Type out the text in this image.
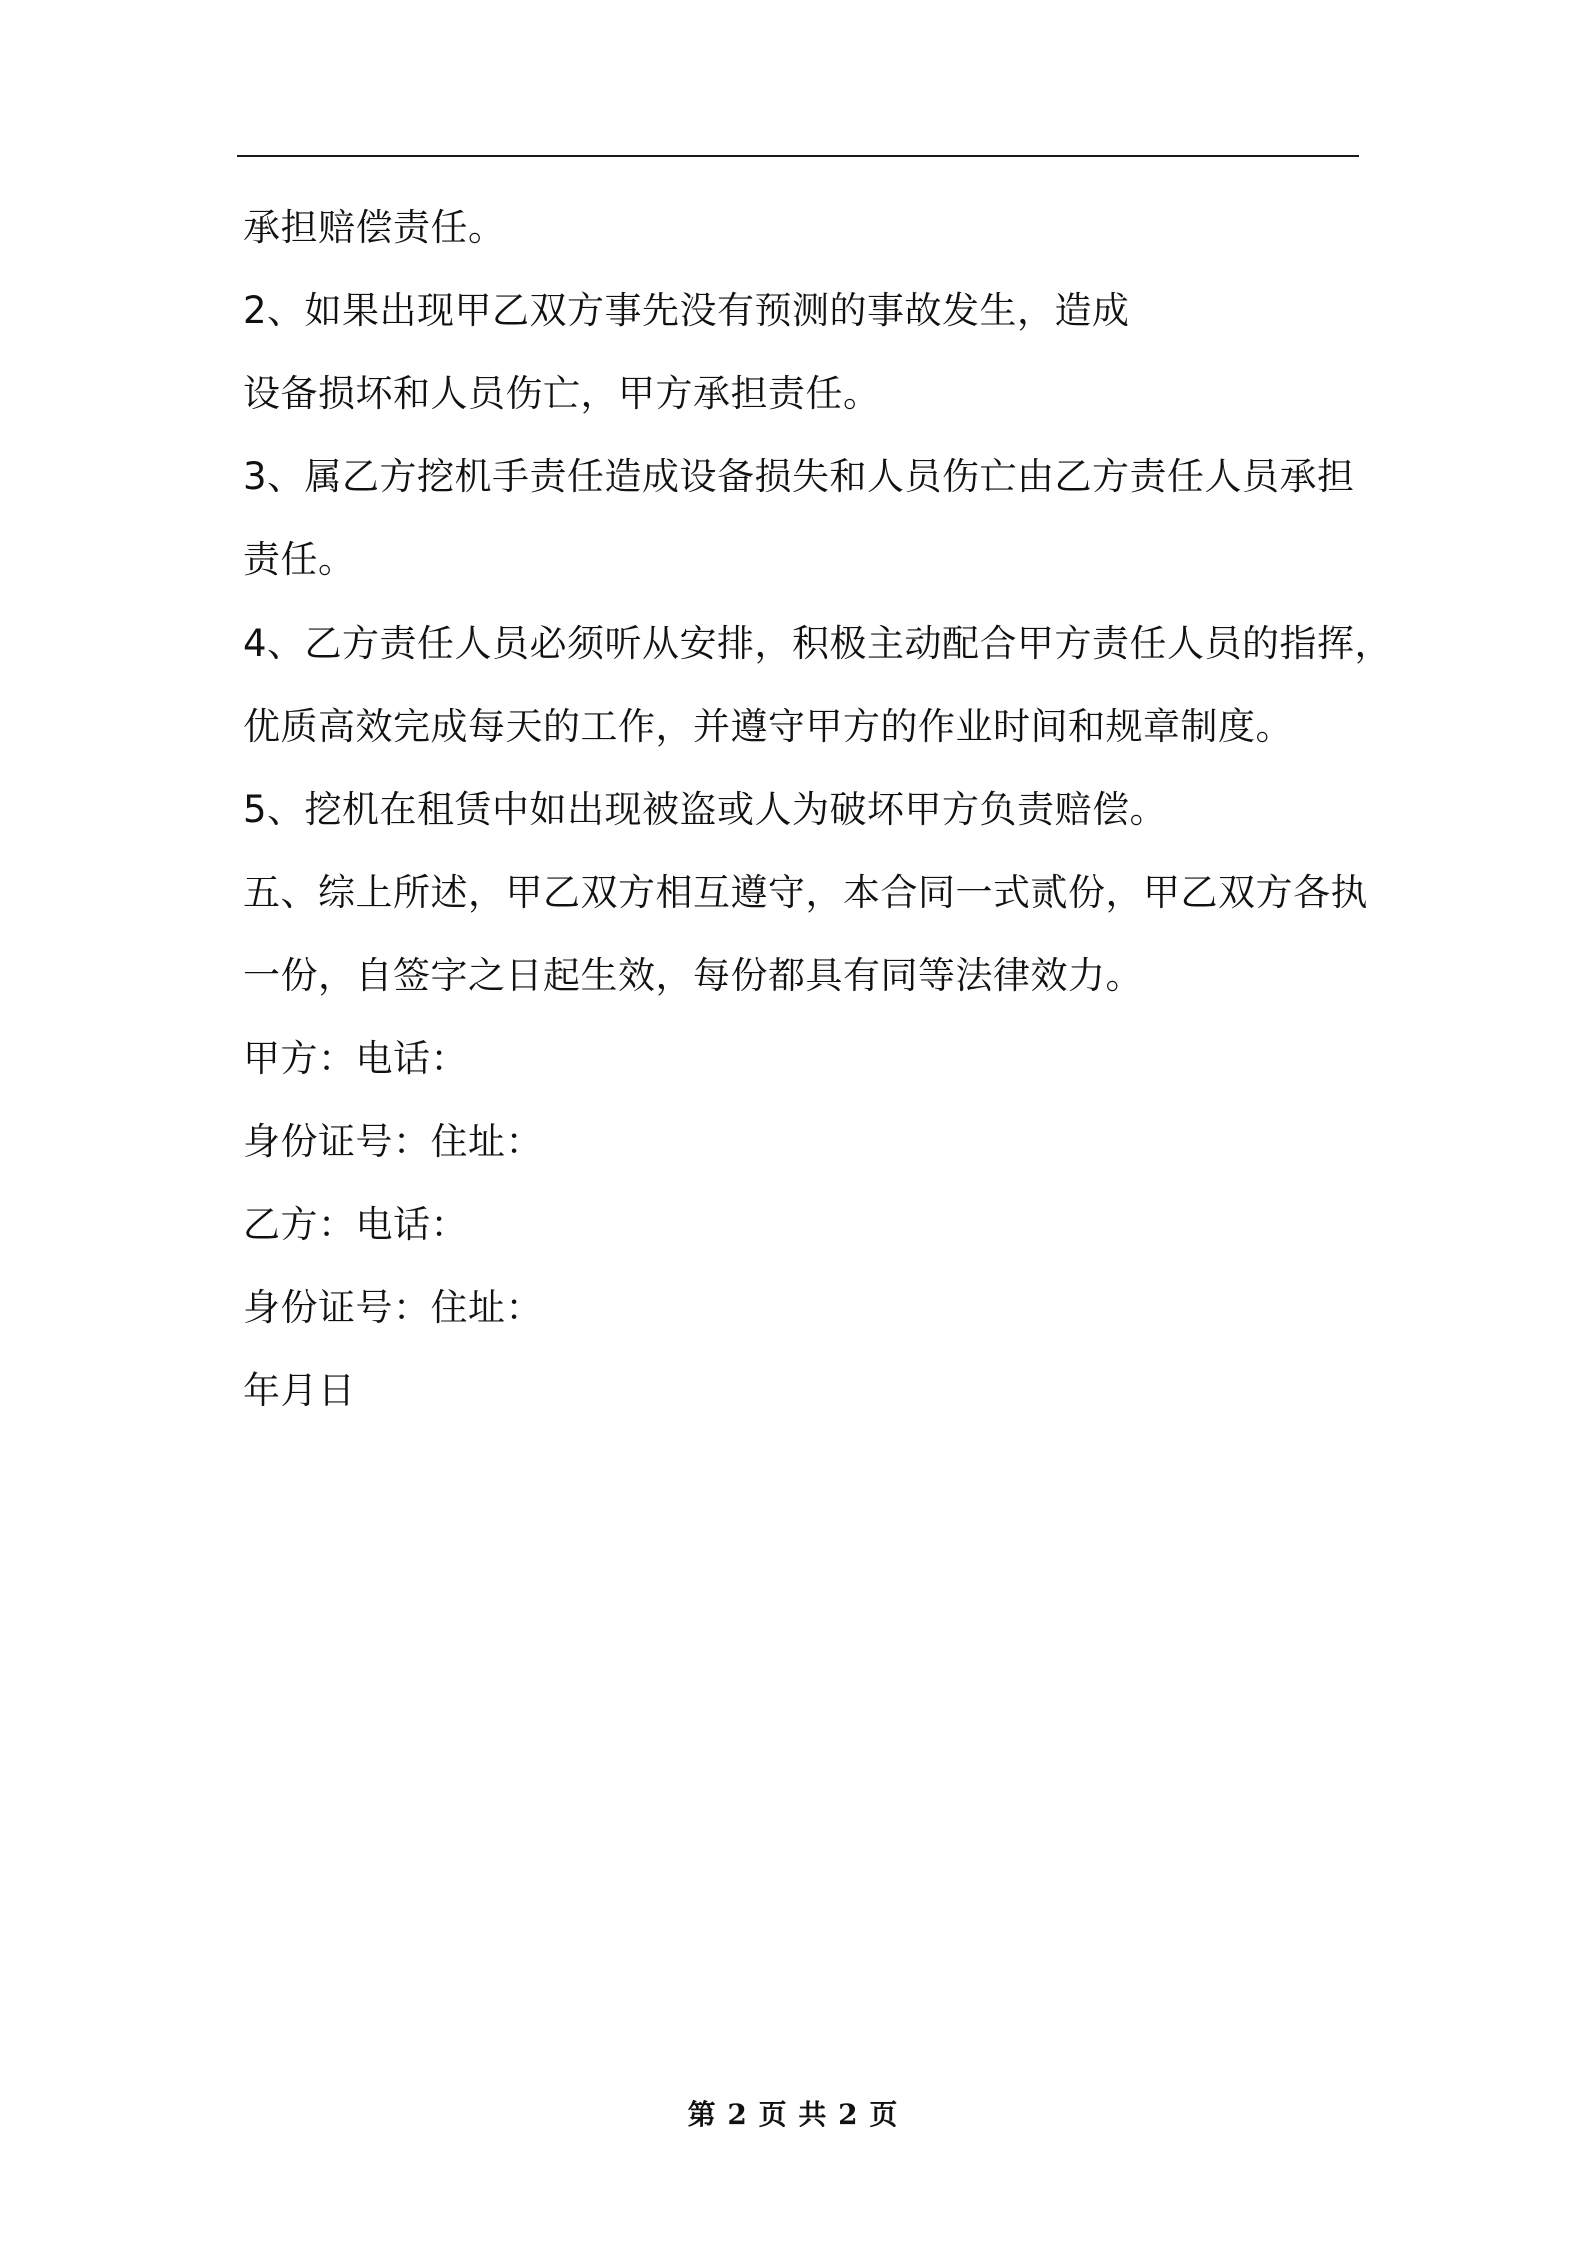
承担赔偿责任。
2、如果出现甲乙双方事先没有预测的事故发生，造成
设备损坏和人员伤亡，甲方承担责任。
3、属乙方挖机手责任造成设备损失和人员伤亡由乙方责任人员承担
责任。
4、乙方责任人员必须听从安排，积极主动配合甲方责任人员的指挥，
优质高效完成每天的工作，并遵守甲方的作业时间和规章制度。
5、挖机在租赁中如出现被盗或人为破坏甲方负责赔偿。
五、综上所述，甲乙双方相互遵守，本合同一式贰份，甲乙双方各执
一份，自签字之日起生效，每份都具有同等法律效力。
甲方：电话：
身份证号：住址：
乙方：电话：
身份证号：住址：
年月日
第 2 页 共 2 页
